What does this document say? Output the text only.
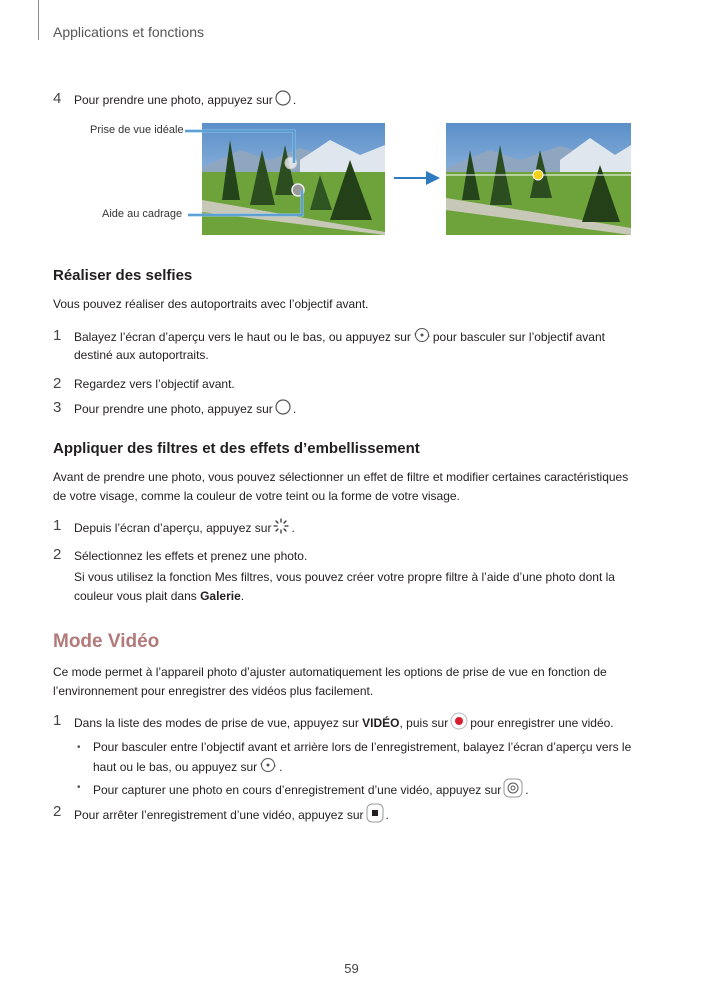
Applications et fonctions
4 Pour prendre une photo, appuyez sur .
Prise de vue idéale
Aide au cadrage
Réaliser des selfies
Vous pouvez réaliser des autoportraits avec l’objectif avant.
1 Balayez l’écran d’aperçu vers le haut ou le bas, ou appuyez sur pour basculer sur l’objectif avant
destiné aux autoportraits.
2 Regardez vers l’objectif avant.
3 Pour prendre une photo, appuyez sur .
Appliquer des filtres et des effets d’embellissement
Avant de prendre une photo, vous pouvez sélectionner un effet de filtre et modifier certaines caractéristiques
de votre visage, comme la couleur de votre teint ou la forme de votre visage.
1 Depuis l’écran d’aperçu, appuyez sur .
2 Sélectionnez les effets et prenez une photo.
Si vous utilisez la fonction Mes filtres, vous pouvez créer votre propre filtre à l’aide d’une photo dont la
couleur vous plait dans Galerie.
Mode Vidéo
Ce mode permet à l’appareil photo d’ajuster automatiquement les options de prise de vue en fonction de
l’environnement pour enregistrer des vidéos plus facilement.
1 Dans la liste des modes de prise de vue, appuyez sur VIDÉO, puis sur pour enregistrer une vidéo.
• Pour basculer entre l’objectif avant et arrière lors de l’enregistrement, balayez l’écran d’aperçu vers le
haut ou le bas, ou appuyez sur .
• Pour capturer une photo en cours d’enregistrement d’une vidéo, appuyez sur .
2 Pour arrêter l’enregistrement d’une vidéo, appuyez sur .
59
